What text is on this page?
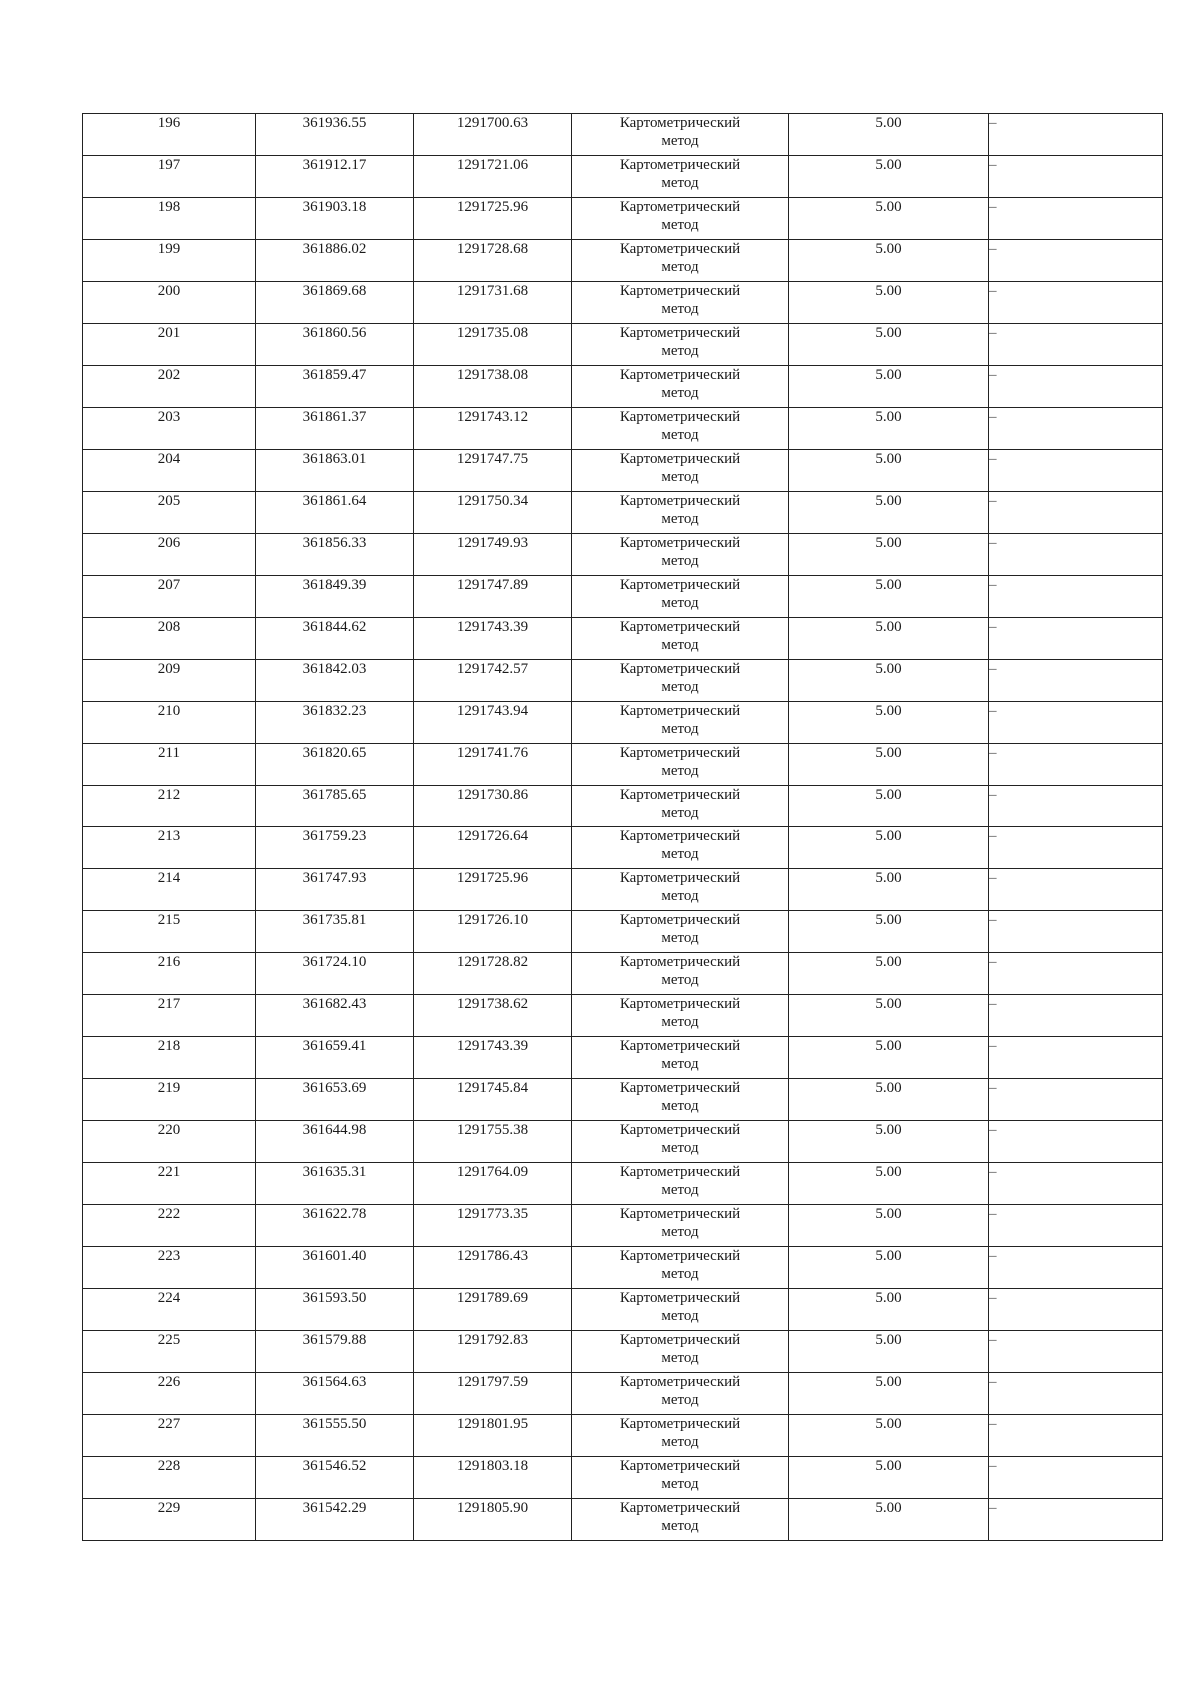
196	361936.55	1291700.63	Картометрический
метод	5.00	–
197	361912.17	1291721.06	Картометрический
метод	5.00	–
198	361903.18	1291725.96	Картометрический
метод	5.00	–
199	361886.02	1291728.68	Картометрический
метод	5.00	–
200	361869.68	1291731.68	Картометрический
метод	5.00	–
201	361860.56	1291735.08	Картометрический
метод	5.00	–
202	361859.47	1291738.08	Картометрический
метод	5.00	–
203	361861.37	1291743.12	Картометрический
метод	5.00	–
204	361863.01	1291747.75	Картометрический
метод	5.00	–
205	361861.64	1291750.34	Картометрический
метод	5.00	–
206	361856.33	1291749.93	Картометрический
метод	5.00	–
207	361849.39	1291747.89	Картометрический
метод	5.00	–
208	361844.62	1291743.39	Картометрический
метод	5.00	–
209	361842.03	1291742.57	Картометрический
метод	5.00	–
210	361832.23	1291743.94	Картометрический
метод	5.00	–
211	361820.65	1291741.76	Картометрический
метод	5.00	–
212	361785.65	1291730.86	Картометрический
метод	5.00	–
213	361759.23	1291726.64	Картометрический
метод	5.00	–
214	361747.93	1291725.96	Картометрический
метод	5.00	–
215	361735.81	1291726.10	Картометрический
метод	5.00	–
216	361724.10	1291728.82	Картометрический
метод	5.00	–
217	361682.43	1291738.62	Картометрический
метод	5.00	–
218	361659.41	1291743.39	Картометрический
метод	5.00	–
219	361653.69	1291745.84	Картометрический
метод	5.00	–
220	361644.98	1291755.38	Картометрический
метод	5.00	–
221	361635.31	1291764.09	Картометрический
метод	5.00	–
222	361622.78	1291773.35	Картометрический
метод	5.00	–
223	361601.40	1291786.43	Картометрический
метод	5.00	–
224	361593.50	1291789.69	Картометрический
метод	5.00	–
225	361579.88	1291792.83	Картометрический
метод	5.00	–
226	361564.63	1291797.59	Картометрический
метод	5.00	–
227	361555.50	1291801.95	Картометрический
метод	5.00	–
228	361546.52	1291803.18	Картометрический
метод	5.00	–
229	361542.29	1291805.90	Картометрический
метод	5.00	–
